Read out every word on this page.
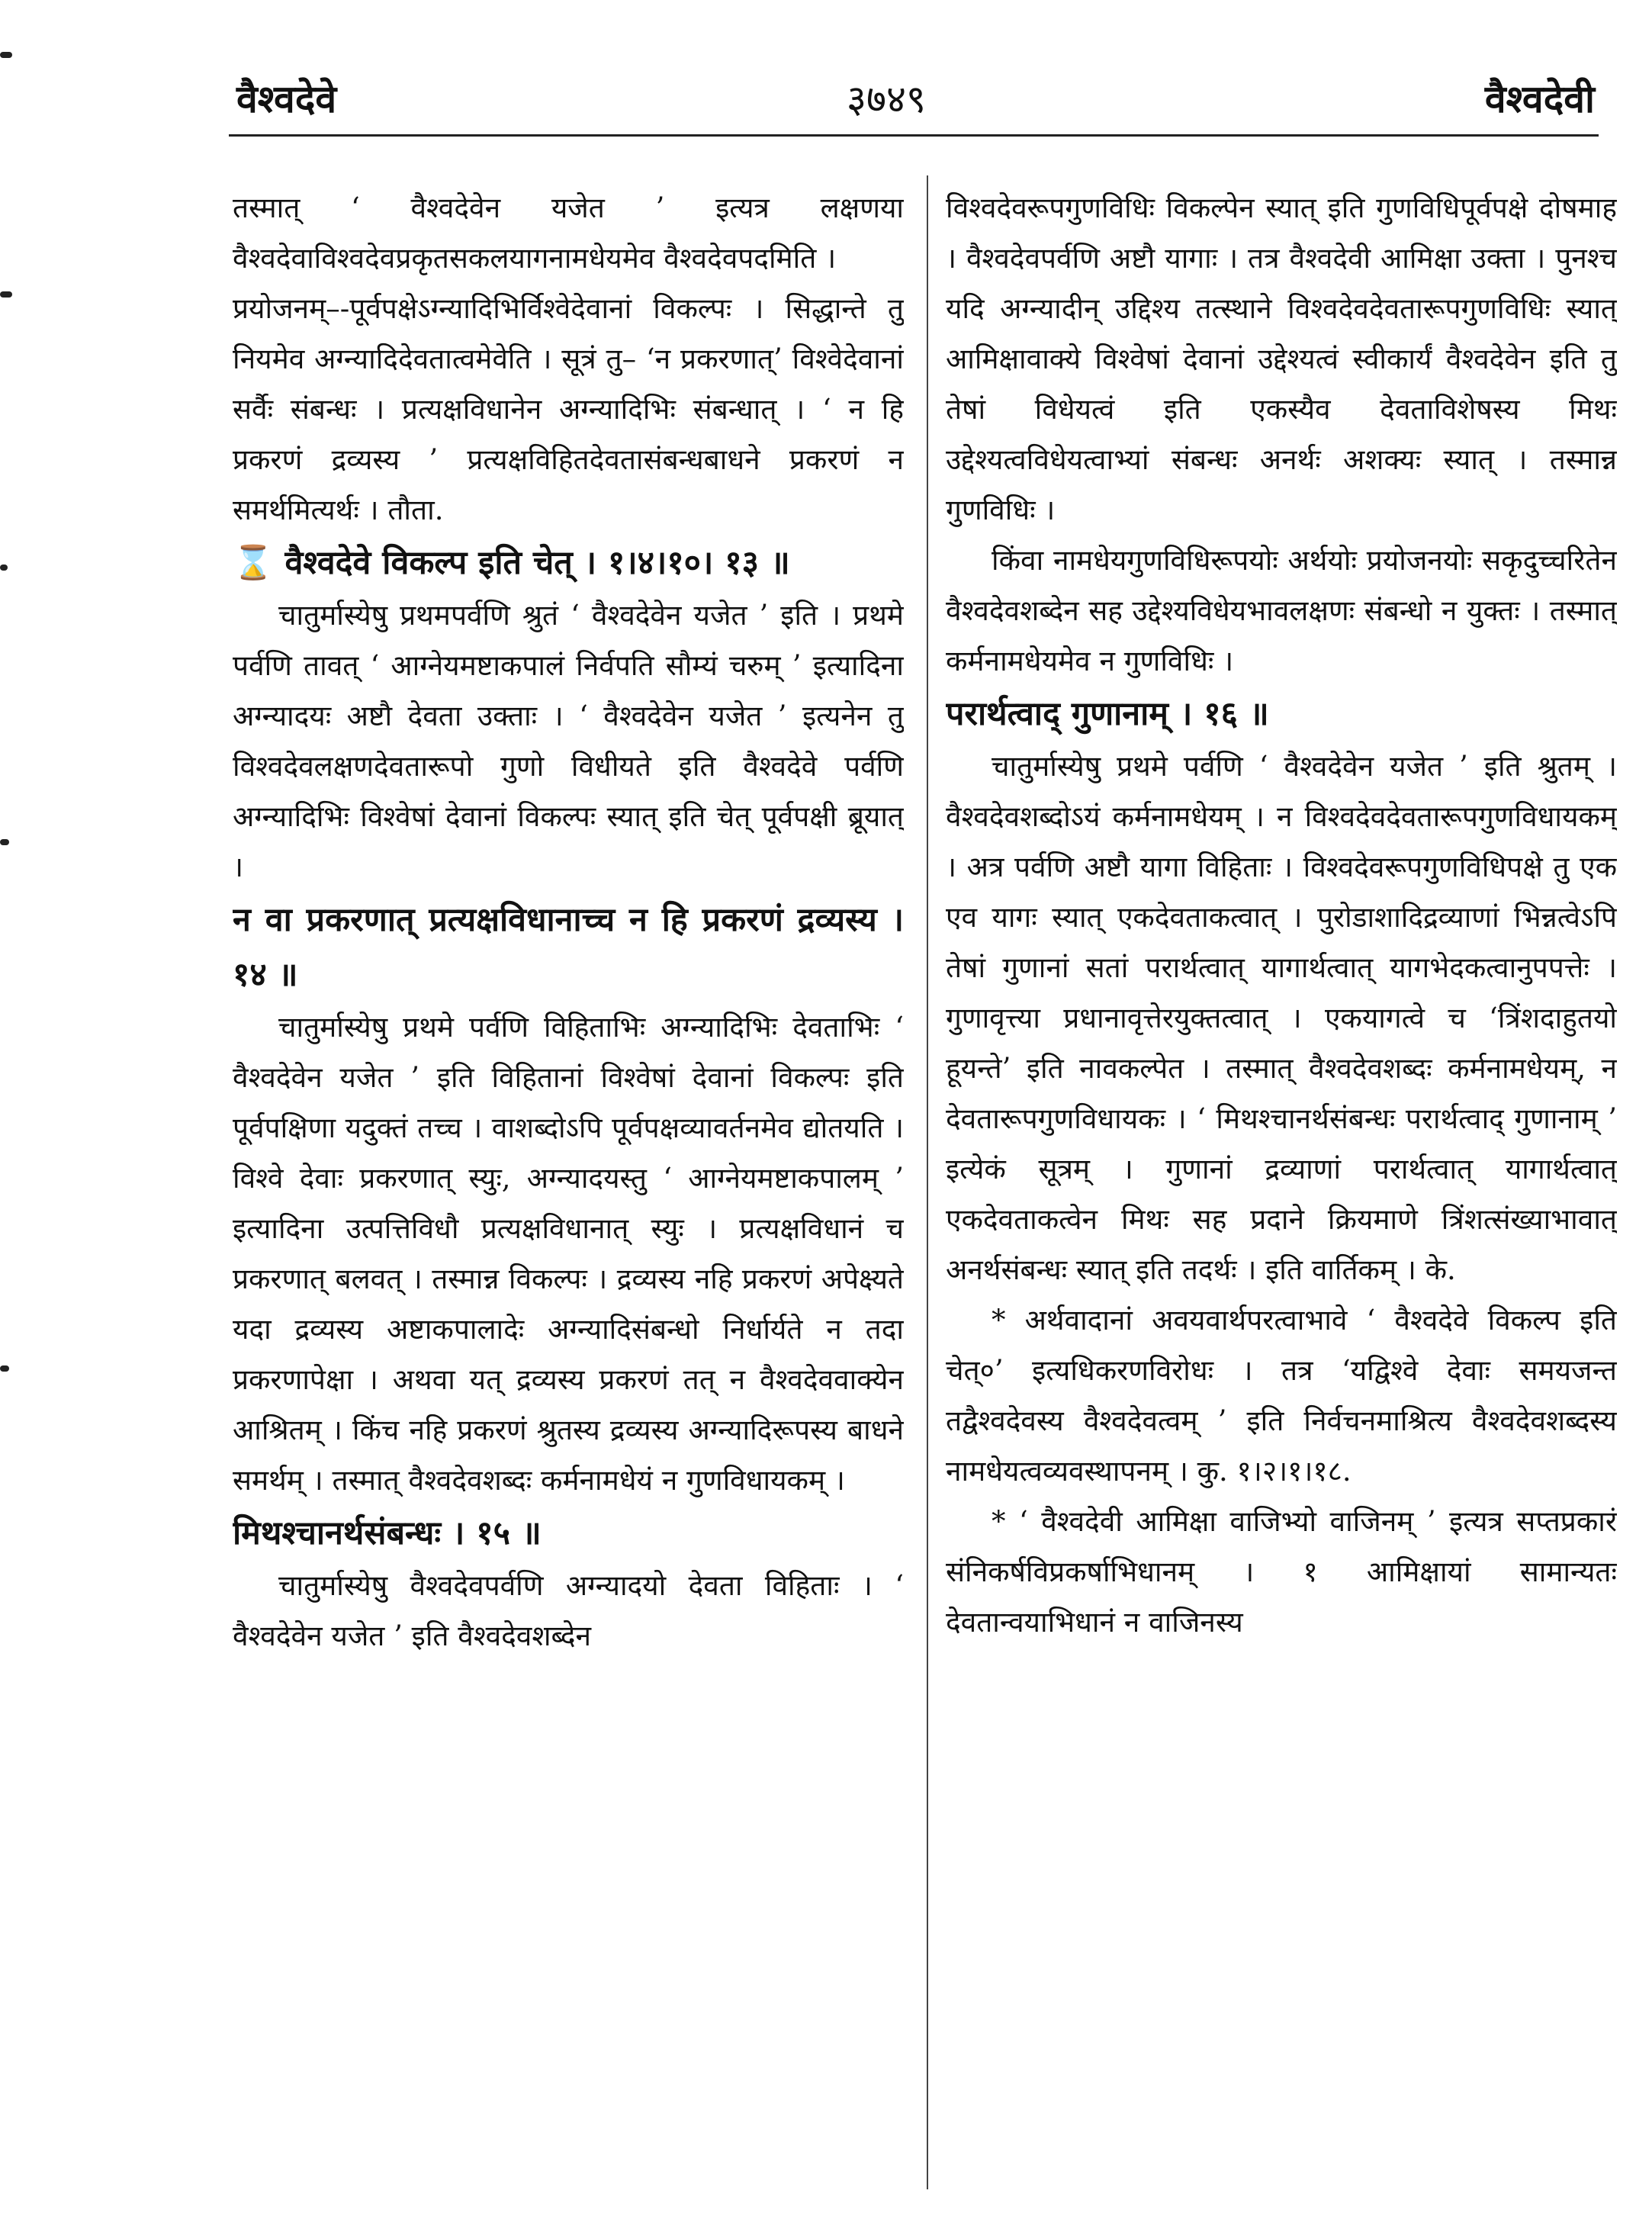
वैश्वदेवे	३७४९	वैश्वदेवी

तस्मात् ‘ वैश्वदेवेन यजेत ’ इत्यत्र लक्षणया वैश्वदेवाविश्वदेवप्रकृतसकलयागनामधेयमेव वैश्वदेवपदमिति ।

प्रयोजनम्–-पूर्वपक्षेऽग्न्यादिभिर्विश्वेदेवानां विकल्पः । सिद्धान्ते तु नियमेव अग्न्यादिदेवतात्वमेवेति । सूत्रं तु– ‘न प्रकरणात्’ विश्वेदेवानां सर्वैः संबन्धः । प्रत्यक्षविधानेन अग्न्यादिभिः संबन्धात् । ‘ न हि प्रकरणं द्रव्यस्य ’ प्रत्यक्षविहितदेवतासंबन्धबाधने प्रकरणं न समर्थमित्यर्थः । तौता.

⌛ वैश्वदेवे विकल्प इति चेत् । १।४।१०। १३ ॥

चातुर्मास्येषु प्रथमपर्वणि श्रुतं ‘ वैश्वदेवेन यजेत ’ इति । प्रथमे पर्वणि तावत् ‘ आग्नेयमष्टाकपालं निर्वपति सौम्यं चरुम् ’ इत्यादिना अग्न्यादयः अष्टौ देवता उक्ताः । ‘ वैश्वदेवेन यजेत ’ इत्यनेन तु विश्वदेवलक्षणदेवतारूपो गुणो विधीयते इति वैश्वदेवे पर्वणि अग्न्यादिभिः विश्वेषां देवानां विकल्पः स्यात् इति चेत् पूर्वपक्षी ब्रूयात् ।

न वा प्रकरणात् प्रत्यक्षविधानाच्च न हि प्रकरणं द्रव्यस्य । १४ ॥

चातुर्मास्येषु प्रथमे पर्वणि विहिताभिः अग्न्यादिभिः देवताभिः ‘ वैश्वदेवेन यजेत ’ इति विहितानां विश्वेषां देवानां विकल्पः इति पूर्वपक्षिणा यदुक्तं तच्च । वाशब्दोऽपि पूर्वपक्षव्यावर्तनमेव द्योतयति । विश्वे देवाः प्रकरणात् स्युः, अग्न्यादयस्तु ‘ आग्नेयमष्टाकपालम् ’ इत्यादिना उत्पत्तिविधौ प्रत्यक्षविधानात् स्युः । प्रत्यक्षविधानं च प्रकरणात् बलवत् । तस्मान्न विकल्पः । द्रव्यस्य नहि प्रकरणं अपेक्ष्यते यदा द्रव्यस्य अष्टाकपालादेः अग्न्यादिसंबन्धो निर्धार्यते न तदा प्रकरणापेक्षा । अथवा यत् द्रव्यस्य प्रकरणं तत् न वैश्वदेववाक्येन आश्रितम् । किंच नहि प्रकरणं श्रुतस्य द्रव्यस्य अग्न्यादिरूपस्य बाधने समर्थम् । तस्मात् वैश्वदेवशब्दः कर्मनामधेयं न गुणविधायकम् ।

मिथश्चानर्थसंबन्धः । १५ ॥

चातुर्मास्येषु वैश्वदेवपर्वणि अग्न्यादयो देवता विहिताः । ‘ वैश्वदेवेन यजेत ’ इति वैश्वदेवशब्देन

विश्वदेवरूपगुणविधिः विकल्पेन स्यात् इति गुणविधिपूर्वपक्षे दोषमाह । वैश्वदेवपर्वणि अष्टौ यागाः । तत्र वैश्वदेवी आमिक्षा उक्ता । पुनश्च यदि अग्न्यादीन् उद्दिश्य तत्स्थाने विश्वदेवदेवतारूपगुणविधिः स्यात् आमिक्षावाक्ये विश्वेषां देवानां उद्देश्यत्वं स्वीकार्यं वैश्वदेवेन इति तु तेषां विधेयत्वं इति एकस्यैव देवताविशेषस्य मिथः उद्देश्यत्वविधेयत्वाभ्यां संबन्धः अनर्थः अशक्यः स्यात् । तस्मान्न गुणविधिः ।

किंवा नामधेयगुणविधिरूपयोः अर्थयोः प्रयोजनयोः सकृदुच्चरितेन वैश्वदेवशब्देन सह उद्देश्यविधेयभावलक्षणः संबन्धो न युक्तः । तस्मात् कर्मनामधेयमेव न गुणविधिः ।

परार्थत्वाद् गुणानाम् । १६ ॥

चातुर्मास्येषु प्रथमे पर्वणि ‘ वैश्वदेवेन यजेत ’ इति श्रुतम् । वैश्वदेवशब्दोऽयं कर्मनामधेयम् । न विश्वदेवदेवतारूपगुणविधायकम् । अत्र पर्वणि अष्टौ यागा विहिताः । विश्वदेवरूपगुणविधिपक्षे तु एक एव यागः स्यात् एकदेवताकत्वात् । पुरोडाशादिद्रव्याणां भिन्नत्वेऽपि तेषां गुणानां सतां परार्थत्वात् यागार्थत्वात् यागभेदकत्वानुपपत्तेः । गुणावृत्त्या प्रधानावृत्तेरयुक्तत्वात् । एकयागत्वे च ‘त्रिंशदाहुतयो हूयन्ते’ इति नावकल्पेत । तस्मात् वैश्वदेवशब्दः कर्मनामधेयम्, न देवतारूपगुणविधायकः । ‘ मिथश्चानर्थसंबन्धः परार्थत्वाद् गुणानाम् ’ इत्येकं सूत्रम् । गुणानां द्रव्याणां परार्थत्वात् यागार्थत्वात् एकदेवताकत्वेन मिथः सह प्रदाने क्रियमाणे त्रिंशत्संख्याभावात् अनर्थसंबन्धः स्यात् इति तदर्थः । इति वार्तिकम् । के.

* अर्थवादानां अवयवार्थपरत्वाभावे ‘ वैश्वदेवे विकल्प इति चेत्०’ इत्यधिकरणविरोधः । तत्र ‘यद्विश्वे देवाः समयजन्त तद्वैश्वदेवस्य वैश्वदेवत्वम् ’ इति निर्वचनमाश्रित्य वैश्वदेवशब्दस्य नामधेयत्वव्यवस्थापनम् । कु. १।२।१।१८.

* ‘ वैश्वदेवी आमिक्षा वाजिभ्यो वाजिनम् ’ इत्यत्र सप्तप्रकारं संनिकर्षविप्रकर्षाभिधानम् । १ आमिक्षायां सामान्यतः देवतान्वयाभिधानं न वाजिनस्य
